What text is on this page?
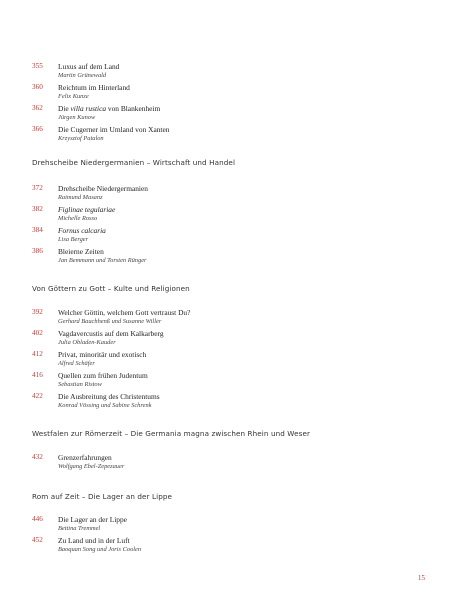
355 Luxus auf dem Land
Martin Grünewald
360 Reichtum im Hinterland
Felix Kunze
362 Die villa rustica von Blankenheim
Jürgen Kunow
366 Die Cugerner im Umland von Xanten
Krzysztof Patalon
Drehscheibe Niedergermanien – Wirtschaft und Handel
372 Drehscheibe Niedergermanien
Raimund Masanz
382 Figlinae tegulariae
Michelle Rosso
384 Fornus calcaria
Lisa Berger
386 Bleierne Zeiten
Jan Bemmann und Torsten Rünger
Von Göttern zu Gott – Kulte und Religionen
392 Welcher Göttin, welchem Gott vertraust Du?
Gerhard Bauchhenß und Susanne Willer
402 Vagdavercustis auf dem Kalkarberg
Julia Obladen-Kauder
412 Privat, minoritär und exotisch
Alfred Schäfer
416 Quellen zum frühen Judentum
Sebastian Ristow
422 Die Ausbreitung des Christentums
Konrad Vössing und Sabine Schrenk
Westfalen zur Römerzeit – Die Germania magna zwischen Rhein und Weser
432 Grenzerfahrungen
Wolfgang Ebel-Zepezauer
Rom auf Zeit – Die Lager an der Lippe
446 Die Lager an der Lippe
Bettina Tremmel
452 Zu Land und in der Luft
Baoquan Song und Joris Coolen
15
